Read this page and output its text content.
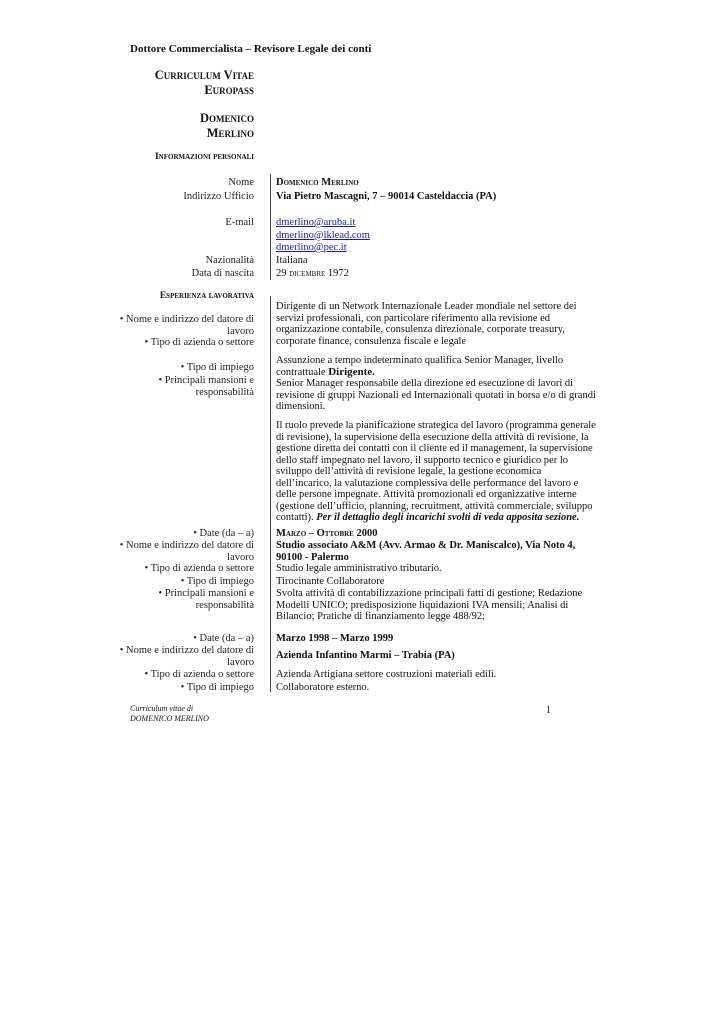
Dottore Commercialista – Revisore Legale dei conti
Curriculum Vitae
Europass
Domenico
Merlino
Informazioni personali
Nome Domenico Merlino
Indirizzo Ufficio Via Pietro Mascagni, 7 – 90014 Casteldaccia (PA)
E-mail dmerlino@aruba.it
dmerlino@lklead.com
dmerlino@pec.it
Nazionalità Italiana
Data di nascita 29 dicembre 1972
Esperienza lavorativa
Dirigente di un Network Internazionale Leader mondiale nel settore dei servizi professionali, con particolare riferimento alla revisione ed organizzazione contabile, consulenza direzionale, corporate treasury, corporate finance, consulenza fiscale e legale
• Nome e indirizzo del datore di lavoro
• Tipo di azienda o settore
• Tipo di impiego
• Principali mansioni e responsabilità
Assunzione a tempo indeterminato qualifica Senior Manager, livello contrattuale Dirigente.
Senior Manager responsabile della direzione ed esecuzione di lavori di revisione di gruppi Nazionali ed Internazionali quotati in borsa e/o di grandi dimensioni.
Il ruolo prevede la pianificazione strategica del lavoro (programma generale di revisione), la supervisione della esecuzione della attività di revisione, la gestione diretta dei contatti con il cliente ed il management, la supervisione dello staff impegnato nel lavoro, il supporto tecnico e giuridico per lo sviluppo dell’attività di revisione legale, la gestione economica dell’incarico, la valutazione complessiva delle performance del lavoro e delle persone impegnate. Attività promozionali ed organizzative interne (gestione dell’ufficio, planning, recruitment, attività commerciale, sviluppo contatti). Per il dettaglio degli incarichi svolti di veda apposita sezione.
• Date (da – a) Marzo – Ottobre 2000
• Nome e indirizzo del datore di lavoro
Studio associato A&M (Avv. Armao & Dr. Maniscalco), Via Noto 4, 90100 - Palermo
• Tipo di azienda o settore Studio legale amministrativo tributario.
• Tipo di impiego Tirocinante Collaboratore
• Principali mansioni e responsabilità
Svolta attività di contabilizzazione principali fatti di gestione; Redazione Modelli UNICO; predisposizione liquidazioni IVA mensili; Analisi di Bilancio; Pratiche di finanziamento legge 488/92;
• Date (da – a) Marzo 1998 – Marzo 1999
• Nome e indirizzo del datore di lavoro
Azienda Infantino Marmi – Trabia (PA)
• Tipo di azienda o settore Azienda Artigiana settore costruzioni materiali edili.
• Tipo di impiego Collaboratore esterno.
Curriculum vitae di
DOMENICO MERLINO
1
